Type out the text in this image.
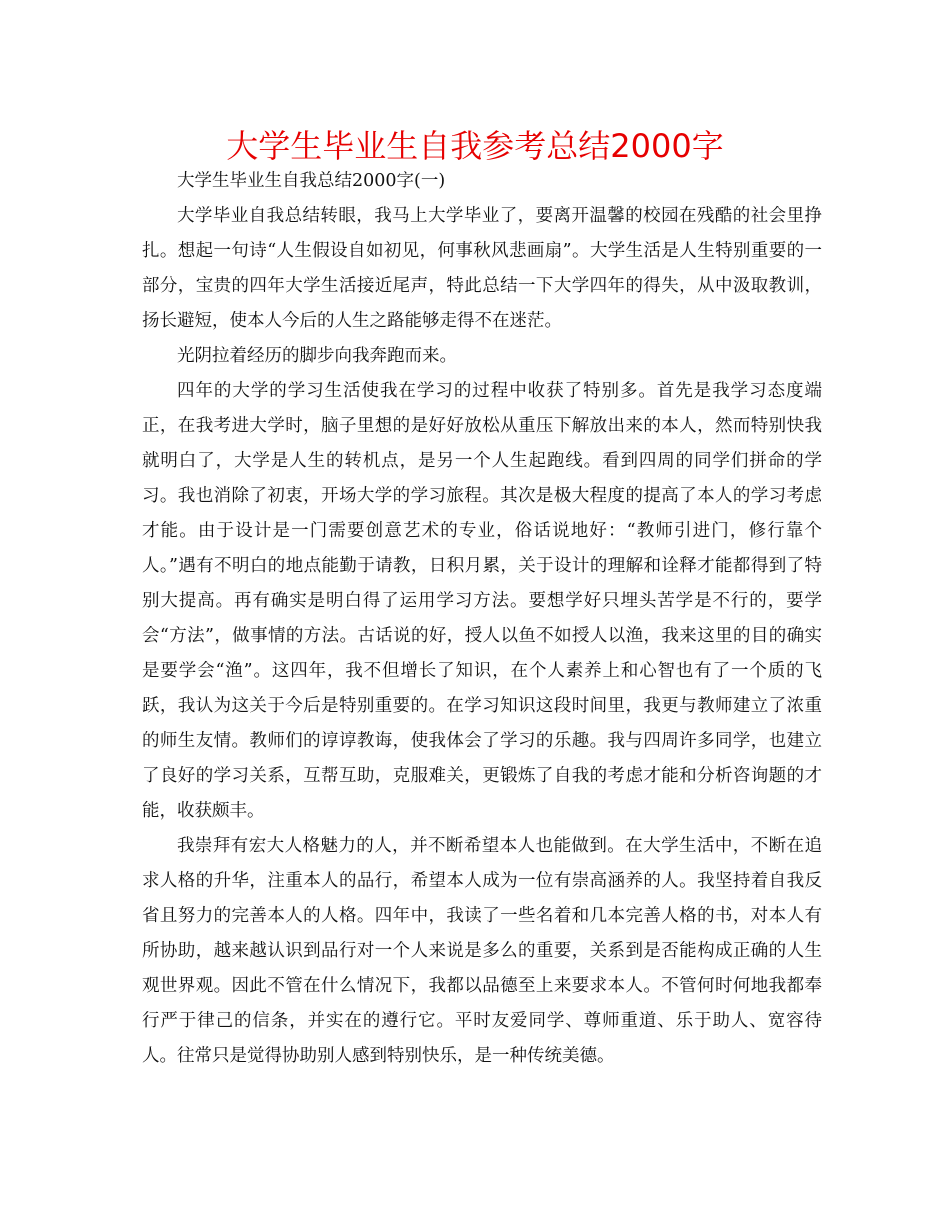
大学生毕业生自我参考总结2000字

大学生毕业生自我总结2000字(一)

大学毕业自我总结转眼，我马上大学毕业了，要离开温馨的校园在残酷的社会里挣扎。想起一句诗“人生假设自如初见，何事秋风悲画扇”。大学生活是人生特别重要的一部分，宝贵的四年大学生活接近尾声，特此总结一下大学四年的得失，从中汲取教训，扬长避短，使本人今后的人生之路能够走得不在迷茫。

光阴拉着经历的脚步向我奔跑而来。

四年的大学的学习生活使我在学习的过程中收获了特别多。首先是我学习态度端正，在我考进大学时，脑子里想的是好好放松从重压下解放出来的本人，然而特别快我就明白了，大学是人生的转机点，是另一个人生起跑线。看到四周的同学们拼命的学习。我也消除了初衷，开场大学的学习旅程。其次是极大程度的提高了本人的学习考虑才能。由于设计是一门需要创意艺术的专业，俗话说地好：“教师引进门，修行靠个人。”遇有不明白的地点能勤于请教，日积月累，关于设计的理解和诠释才能都得到了特别大提高。再有确实是明白得了运用学习方法。要想学好只埋头苦学是不行的，要学会“方法”，做事情的方法。古话说的好，授人以鱼不如授人以渔，我来这里的目的确实是要学会“渔”。这四年，我不但增长了知识，在个人素养上和心智也有了一个质的飞跃，我认为这关于今后是特别重要的。在学习知识这段时间里，我更与教师建立了浓重的师生友情。教师们的谆谆教诲，使我体会了学习的乐趣。我与四周许多同学，也建立了良好的学习关系，互帮互助，克服难关，更锻炼了自我的考虑才能和分析咨询题的才能，收获颇丰。

我崇拜有宏大人格魅力的人，并不断希望本人也能做到。在大学生活中，不断在追求人格的升华，注重本人的品行，希望本人成为一位有崇高涵养的人。我坚持着自我反省且努力的完善本人的人格。四年中，我读了一些名着和几本完善人格的书，对本人有所协助，越来越认识到品行对一个人来说是多么的重要，关系到是否能构成正确的人生观世界观。因此不管在什么情况下，我都以品德至上来要求本人。不管何时何地我都奉行严于律己的信条，并实在的遵行它。平时友爱同学、尊师重道、乐于助人、宽容待人。往常只是觉得协助别人感到特别快乐，是一种传统美德。
